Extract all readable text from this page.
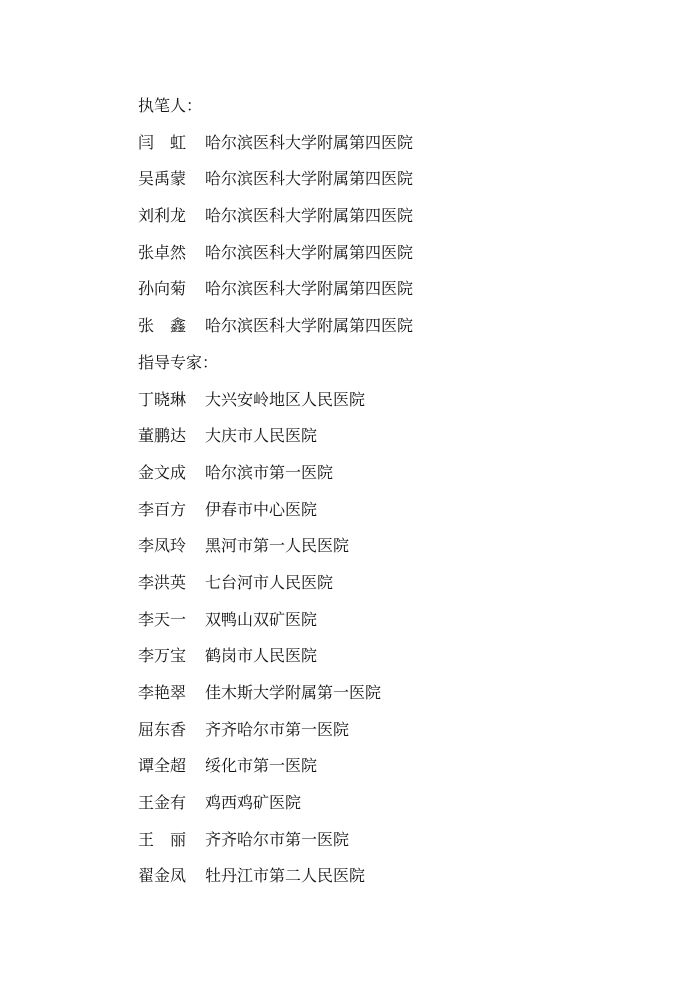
执笔人：
闫　虹 哈尔滨医科大学附属第四医院
吴禹蒙 哈尔滨医科大学附属第四医院
刘利龙 哈尔滨医科大学附属第四医院
张卓然 哈尔滨医科大学附属第四医院
孙向菊 哈尔滨医科大学附属第四医院
张　鑫 哈尔滨医科大学附属第四医院
指导专家：
丁晓琳 大兴安岭地区人民医院
董鹏达 大庆市人民医院
金文成 哈尔滨市第一医院
李百方 伊春市中心医院
李凤玲 黑河市第一人民医院
李洪英 七台河市人民医院
李天一 双鸭山双矿医院
李万宝 鹤岗市人民医院
李艳翠 佳木斯大学附属第一医院
屈东香 齐齐哈尔市第一医院
谭全超 绥化市第一医院
王金有 鸡西鸡矿医院
王　丽 齐齐哈尔市第一医院
翟金凤 牡丹江市第二人民医院
